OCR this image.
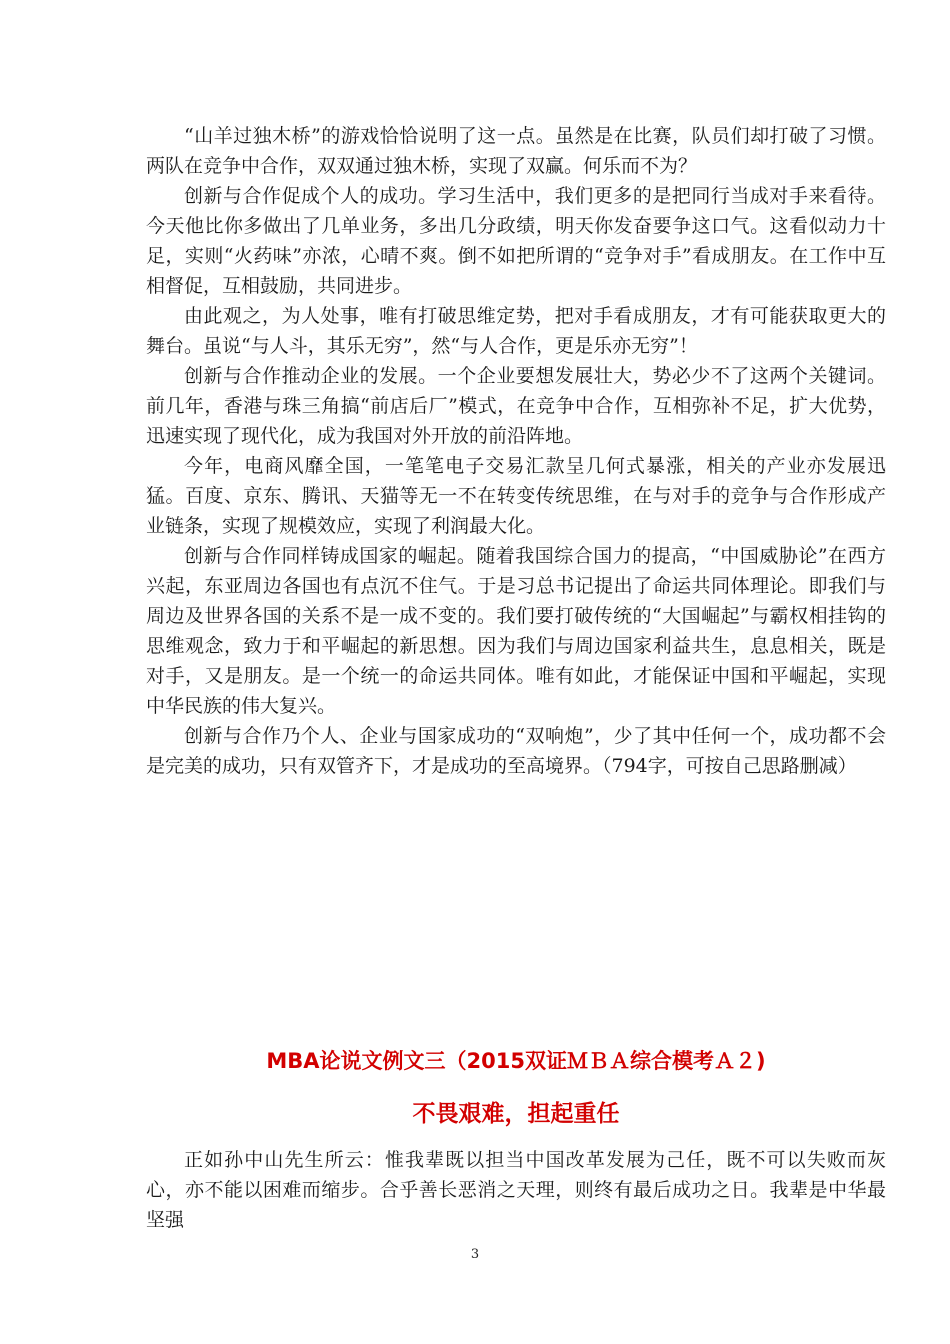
“山羊过独木桥”的游戏恰恰说明了这一点。虽然是在比赛，队员们却打破了习惯。两队在竞争中合作，双双通过独木桥，实现了双赢。何乐而不为？

创新与合作促成个人的成功。学习生活中，我们更多的是把同行当成对手来看待。今天他比你多做出了几单业务，多出几分政绩，明天你发奋要争这口气。这看似动力十足，实则“火药味”亦浓，心晴不爽。倒不如把所谓的“竞争对手”看成朋友。在工作中互相督促，互相鼓励，共同进步。

由此观之，为人处事，唯有打破思维定势，把对手看成朋友，才有可能获取更大的舞台。虽说“与人斗，其乐无穷”，然“与人合作，更是乐亦无穷”！

创新与合作推动企业的发展。一个企业要想发展壮大，势必少不了这两个关键词。前几年，香港与珠三角搞“前店后厂”模式，在竞争中合作，互相弥补不足，扩大优势，迅速实现了现代化，成为我国对外开放的前沿阵地。

今年，电商风靡全国，一笔笔电子交易汇款呈几何式暴涨，相关的产业亦发展迅猛。百度、京东、腾讯、天猫等无一不在转变传统思维，在与对手的竞争与合作形成产业链条，实现了规模效应，实现了利润最大化。

创新与合作同样铸成国家的崛起。随着我国综合国力的提高，“中国威胁论”在西方兴起，东亚周边各国也有点沉不住气。于是习总书记提出了命运共同体理论。即我们与周边及世界各国的关系不是一成不变的。我们要打破传统的“大国崛起”与霸权相挂钩的思维观念，致力于和平崛起的新思想。因为我们与周边国家利益共生，息息相关，既是对手，又是朋友。是一个统一的命运共同体。唯有如此，才能保证中国和平崛起，实现中华民族的伟大复兴。

创新与合作乃个人、企业与国家成功的“双响炮”，少了其中任何一个，成功都不会是完美的成功，只有双管齐下，才是成功的至高境界。（794字，可按自己思路删减）

MBA论说文例文三（2015双证ＭＢＡ综合模考Ａ２)
不畏艰难，担起重任

正如孙中山先生所云：惟我辈既以担当中国改革发展为己任，既不可以失败而灰心，亦不能以困难而缩步。合乎善长恶消之天理，则终有最后成功之日。我辈是中华最坚强

3
